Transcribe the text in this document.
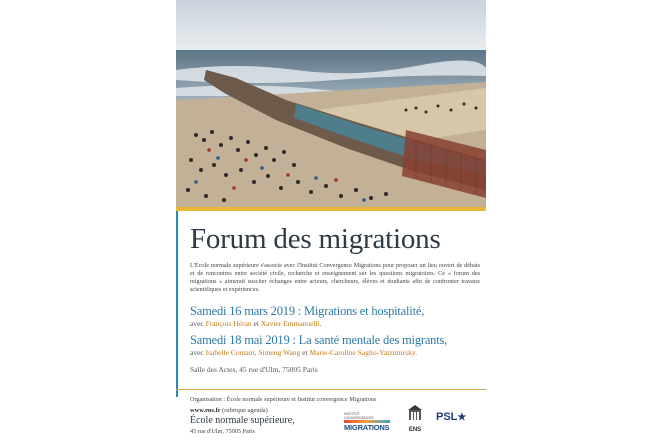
Forum des migrations
L'École normale supérieure s'associe avec l'Institut Convergence Migrations pour proposer un lieu ouvert de débats et de rencontres entre société civile, recherche et enseignement sur les questions migratoires. Ce « forum des migrations » aimerait susciter échanges entre acteurs, chercheurs, élèves et étudiants afin de confronter travaux scientifiques et expériences.
Samedi 16 mars 2019 : Migrations et hospitalité,
avec François Héran et Xavier Emmanuelli.
Samedi 18 mai 2019 : La santé mentale des migrants,
avec Isabelle Coutant, Simeng Wang et Marie-Caroline Saglio-Yatzimirsky.
Salle des Actes, 45 rue d'Ulm, 75005 Paris
Organisation : École normale supérieure et Institut convergence Migrations
www.ens.fr (rubrique agenda)
École normale supérieure,
45 rue d'Ulm, 75005 Paris
INSTITUT CONVERGENCES
MIGRATIONS	ENS
PSL★
